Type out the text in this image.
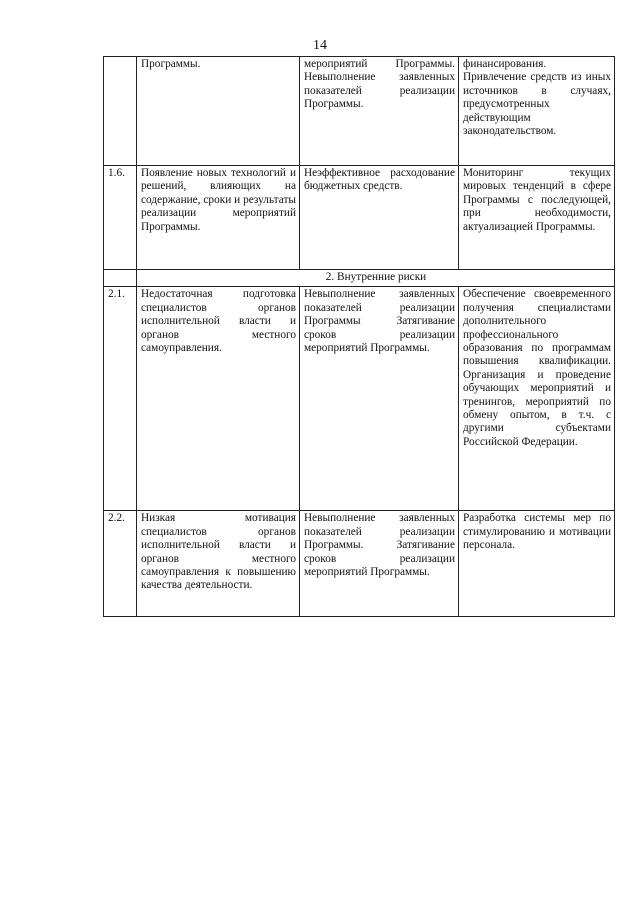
14
	Программы.	мероприятий Программы. Невыполнение заявленных показателей реализации Программы.	финансирования. Привлечение средств из иных источников в случаях, предусмотренных действующим законодательством.
1.6.	Появление новых технологий и решений, влияющих на содержание, сроки и результаты реализации мероприятий Программы.	Неэффективное расходование бюджетных средств.	Мониторинг текущих мировых тенденций в сфере Программы с последующей, при необходимости, актуализацией Программы.
	2. Внутренние риски		
2.1.	Недостаточная подготовка специалистов органов исполнительной власти и органов местного самоуправления.	Невыполнение заявленных показателей реализации Программы Затягивание сроков реализации мероприятий Программы.	Обеспечение своевременного получения специалистами дополнительного профессионального образования по программам повышения квалификации. Организация и проведение обучающих мероприятий и тренингов, мероприятий по обмену опытом, в т.ч. с другими субъектами Российской Федерации.
2.2.	Низкая мотивация специалистов органов исполнительной власти и органов местного самоуправления к повышению качества деятельности.	Невыполнение заявленных показателей реализации Программы. Затягивание сроков реализации мероприятий Программы.	Разработка системы мер по стимулированию и мотивации персонала.
